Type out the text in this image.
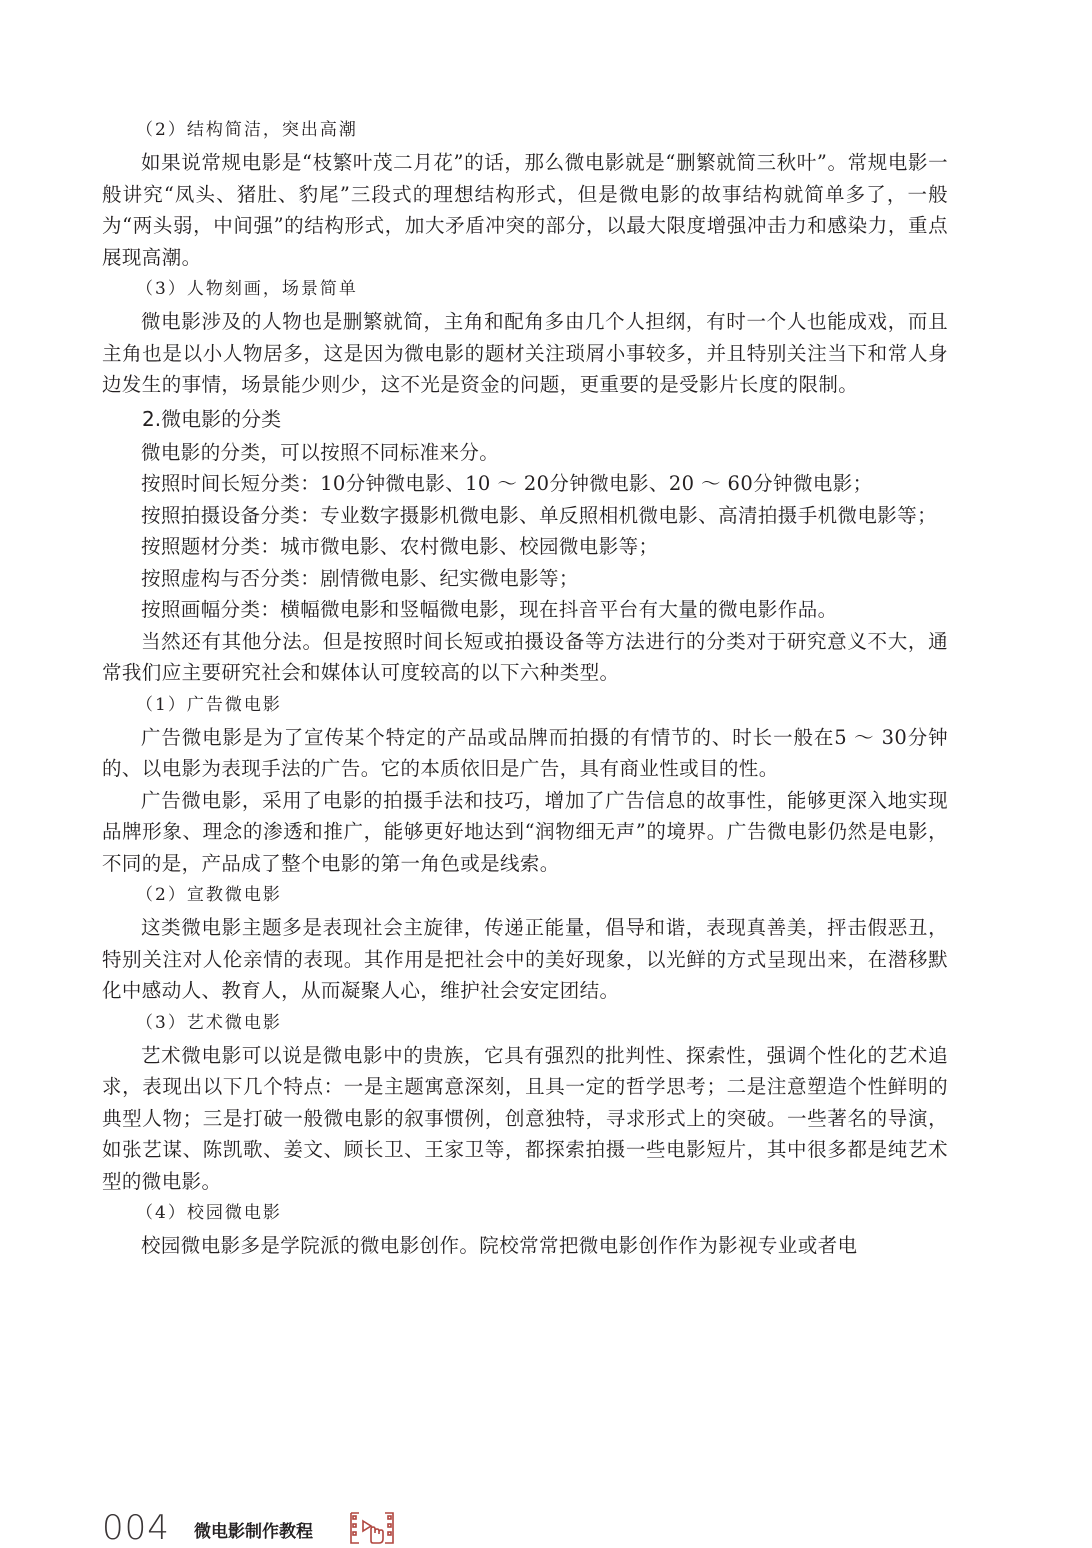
（2）结构简洁，突出高潮

如果说常规电影是“枝繁叶茂二月花”的话，那么微电影就是“删繁就简三秋叶”。常规电影一般讲究“凤头、猪肚、豹尾”三段式的理想结构形式，但是微电影的故事结构就简单多了，一般为“两头弱，中间强”的结构形式，加大矛盾冲突的部分，以最大限度增强冲击力和感染力，重点展现高潮。

（3）人物刻画，场景简单

微电影涉及的人物也是删繁就简，主角和配角多由几个人担纲，有时一个人也能成戏，而且主角也是以小人物居多，这是因为微电影的题材关注琐屑小事较多，并且特别关注当下和常人身边发生的事情，场景能少则少，这不光是资金的问题，更重要的是受影片长度的限制。

2.微电影的分类

微电影的分类，可以按照不同标准来分。

按照时间长短分类：10分钟微电影、10 ～ 20分钟微电影、20 ～ 60分钟微电影；

按照拍摄设备分类：专业数字摄影机微电影、单反照相机微电影、高清拍摄手机微电影等；

按照题材分类：城市微电影、农村微电影、校园微电影等；

按照虚构与否分类：剧情微电影、纪实微电影等；

按照画幅分类：横幅微电影和竖幅微电影，现在抖音平台有大量的微电影作品。

当然还有其他分法。但是按照时间长短或拍摄设备等方法进行的分类对于研究意义不大，通常我们应主要研究社会和媒体认可度较高的以下六种类型。

（1）广告微电影

广告微电影是为了宣传某个特定的产品或品牌而拍摄的有情节的、时长一般在5 ～ 30分钟的、以电影为表现手法的广告。它的本质依旧是广告，具有商业性或目的性。

广告微电影，采用了电影的拍摄手法和技巧，增加了广告信息的故事性，能够更深入地实现品牌形象、理念的渗透和推广，能够更好地达到“润物细无声”的境界。广告微电影仍然是电影，不同的是，产品成了整个电影的第一角色或是线索。

（2）宣教微电影

这类微电影主题多是表现社会主旋律，传递正能量，倡导和谐，表现真善美，抨击假恶丑，特别关注对人伦亲情的表现。其作用是把社会中的美好现象，以光鲜的方式呈现出来，在潜移默化中感动人、教育人，从而凝聚人心，维护社会安定团结。

（3）艺术微电影

艺术微电影可以说是微电影中的贵族，它具有强烈的批判性、探索性，强调个性化的艺术追求，表现出以下几个特点：一是主题寓意深刻，且具一定的哲学思考；二是注意塑造个性鲜明的典型人物；三是打破一般微电影的叙事惯例，创意独特，寻求形式上的突破。一些著名的导演，如张艺谋、陈凯歌、姜文、顾长卫、王家卫等，都探索拍摄一些电影短片，其中很多都是纯艺术型的微电影。

（4）校园微电影

校园微电影多是学院派的微电影创作。院校常常把微电影创作作为影视专业或者电

004 微电影制作教程
